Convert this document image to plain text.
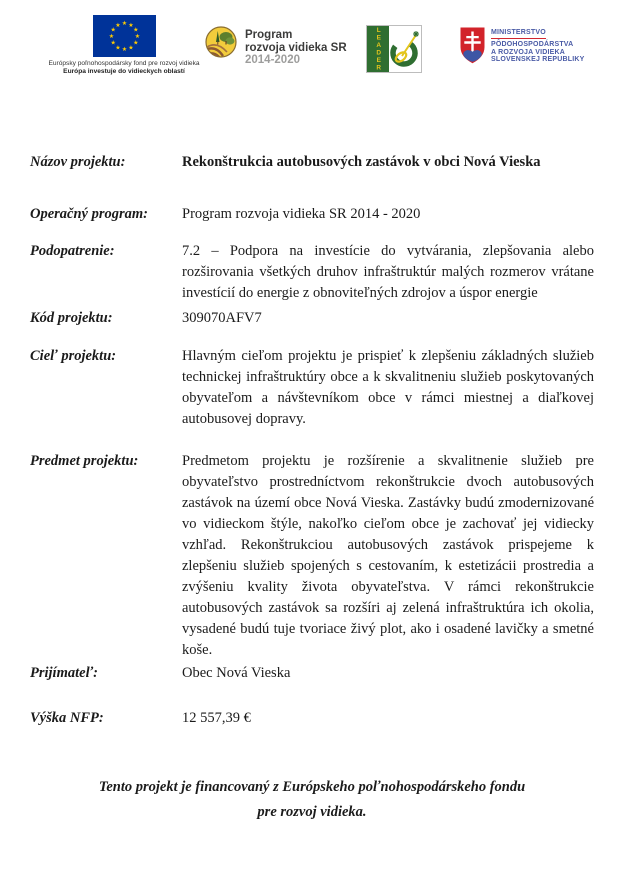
★ ★
★
★
★
★
★
★
★
★
★
★
Európsky poľnohospodársky fond pre rozvoj vidieka
Európa investuje do vidieckych oblastí
Program
rozvoja vidieka SR
2014-2020	LEADER	MINISTERSTVO
PÔDOHOSPODÁRSTVA
A ROZVOJA VIDIEKA
SLOVENSKEJ REPUBLIKY
Názov projektu:	Rekonštrukcia autobusových zastávok v obci Nová Vieska
Operačný program:	Program rozvoja vidieka SR 2014 - 2020
Podopatrenie:	7.2 – Podpora na investície do vytvárania, zlepšovania alebo rozširovania všetkých druhov infraštruktúr malých rozmerov vrátane investícií do energie z obnoviteľných zdrojov a úspor energie
Kód projektu:	309070AFV7
Cieľ projektu:	Hlavným cieľom projektu je prispieť k zlepšeniu základných služieb technickej infraštruktúry obce a k skvalitneniu služieb poskytovaných obyvateľom a návštevníkom obce v rámci miestnej a diaľkovej autobusovej dopravy.
Predmet projektu:	Predmetom projektu je rozšírenie a skvalitnenie služieb pre obyvateľstvo prostredníctvom rekonštrukcie dvoch autobusových zastávok na území obce Nová Vieska. Zastávky budú zmodernizované vo vidieckom štýle, nakoľko cieľom obce je zachovať jej vidiecky vzhľad. Rekonštrukciou autobusových zastávok prispejeme k zlepšeniu služieb spojených s cestovaním, k estetizácii prostredia a zvýšeniu kvality života obyvateľstva. V rámci rekonštrukcie autobusových zastávok sa rozšíri aj zelená infraštruktúra ich okolia, vysadené budú tuje tvoriace živý plot, ako i osadené lavičky a smetné koše.
Prijímateľ:	Obec Nová Vieska
Výška NFP:	12 557,39 €
Tento projekt je financovaný z Európskeho poľnohospodárskeho fondu
pre rozvoj vidieka.
